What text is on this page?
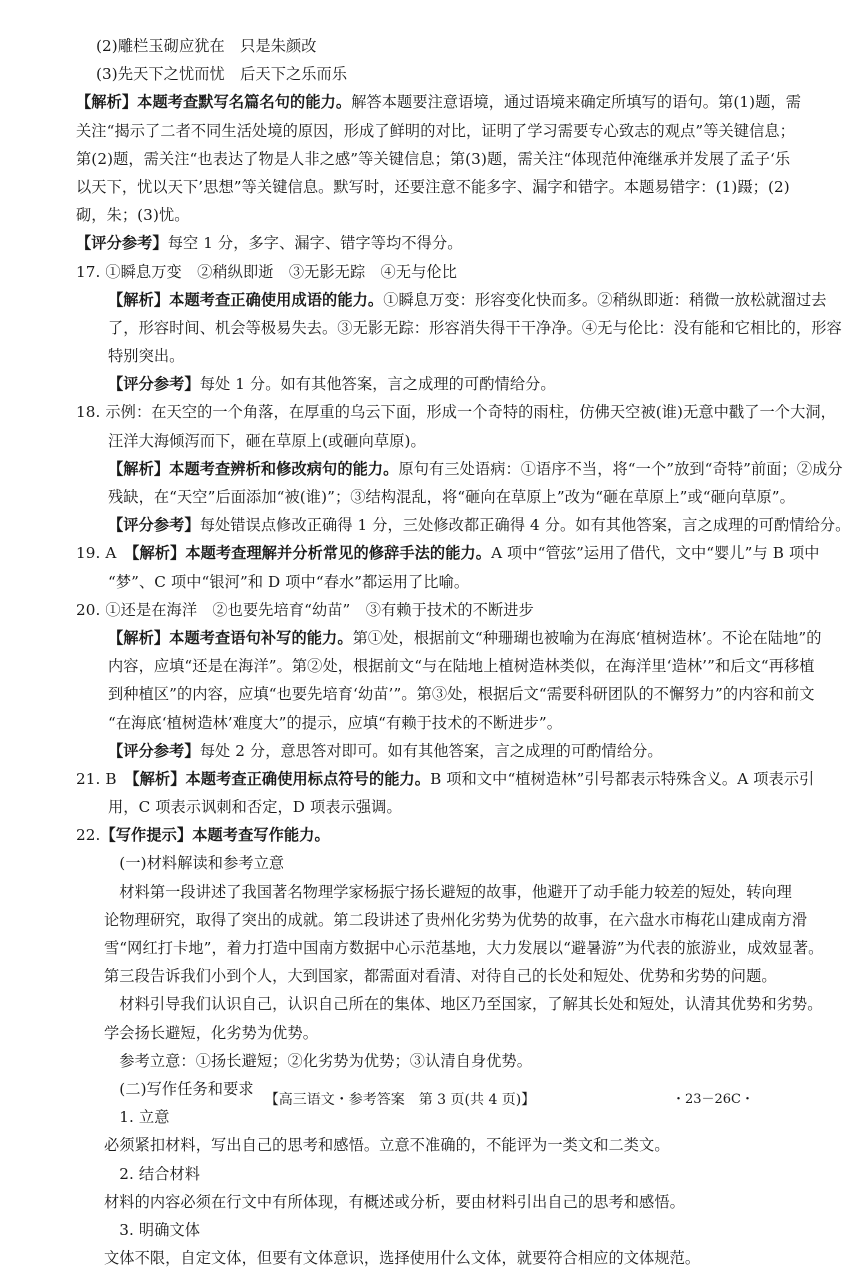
(2)雕栏玉砌应犹在　只是朱颜改
(3)先天下之忧而忧　后天下之乐而乐
【解析】本题考查默写名篇名句的能力。解答本题要注意语境，通过语境来确定所填写的语句。第(1)题，需
关注“揭示了二者不同生活处境的原因，形成了鲜明的对比，证明了学习需要专心致志的观点”等关键信息；
第(2)题，需关注“也表达了物是人非之感”等关键信息；第(3)题，需关注“体现范仲淹继承并发展了孟子‘乐
以天下，忧以天下’思想”等关键信息。默写时，还要注意不能多字、漏字和错字。本题易错字：(1)蹑；(2)
砌，朱；(3)忧。
【评分参考】每空 1 分，多字、漏字、错字等均不得分。
17. ①瞬息万变　②稍纵即逝　③无影无踪　④无与伦比
【解析】本题考查正确使用成语的能力。①瞬息万变：形容变化快而多。②稍纵即逝：稍微一放松就溜过去
了，形容时间、机会等极易失去。③无影无踪：形容消失得干干净净。④无与伦比：没有能和它相比的，形容
特别突出。
【评分参考】每处 1 分。如有其他答案，言之成理的可酌情给分。
18. 示例：在天空的一个角落，在厚重的乌云下面，形成一个奇特的雨柱，仿佛天空被(谁)无意中戳了一个大洞，
汪洋大海倾泻而下，砸在草原上(或砸向草原)。
【解析】本题考查辨析和修改病句的能力。原句有三处语病：①语序不当，将“一个”放到“奇特”前面；②成分
残缺，在“天空”后面添加“被(谁)”；③结构混乱，将“砸向在草原上”改为“砸在草原上”或“砸向草原”。
【评分参考】每处错误点修改正确得 1 分，三处修改都正确得 4 分。如有其他答案，言之成理的可酌情给分。
19. A　【解析】本题考查理解并分析常见的修辞手法的能力。A 项中“管弦”运用了借代，文中“婴儿”与 B 项中
“梦”、C 项中“银河”和 D 项中“春水”都运用了比喻。
20. ①还是在海洋　②也要先培育“幼苗”　③有赖于技术的不断进步
【解析】本题考查语句补写的能力。第①处，根据前文“种珊瑚也被喻为在海底‘植树造林’。不论在陆地”的
内容，应填“还是在海洋”。第②处，根据前文“与在陆地上植树造林类似，在海洋里‘造林’”和后文“再移植
到种植区”的内容，应填“也要先培育‘幼苗’”。第③处，根据后文“需要科研团队的不懈努力”的内容和前文
“在海底‘植树造林’难度大”的提示，应填“有赖于技术的不断进步”。
【评分参考】每处 2 分，意思答对即可。如有其他答案，言之成理的可酌情给分。
21. B　【解析】本题考查正确使用标点符号的能力。B 项和文中“植树造林”引号都表示特殊含义。A 项表示引
用，C 项表示讽刺和否定，D 项表示强调。
22.【写作提示】本题考查写作能力。
　(一)材料解读和参考立意
　材料第一段讲述了我国著名物理学家杨振宁扬长避短的故事，他避开了动手能力较差的短处，转向理
论物理研究，取得了突出的成就。第二段讲述了贵州化劣势为优势的故事，在六盘水市梅花山建成南方滑
雪“网红打卡地”，着力打造中国南方数据中心示范基地，大力发展以“避暑游”为代表的旅游业，成效显著。
第三段告诉我们小到个人，大到国家，都需面对看清、对待自己的长处和短处、优势和劣势的问题。
　材料引导我们认识自己，认识自己所在的集体、地区乃至国家，了解其长处和短处，认清其优势和劣势。
学会扬长避短，化劣势为优势。
　参考立意：①扬长避短；②化劣势为优势；③认清自身优势。
　(二)写作任务和要求
　1. 立意
必须紧扣材料，写出自己的思考和感悟。立意不准确的，不能评为一类文和二类文。
　2. 结合材料
材料的内容必须在行文中有所体现，有概述或分析，要由材料引出自己的思考和感悟。
　3. 明确文体
文体不限，自定文体，但要有文体意识，选择使用什么文体，就要符合相应的文体规范。
【高三语文・参考答案　第 3 页(共 4 页)】	・23－26C・
